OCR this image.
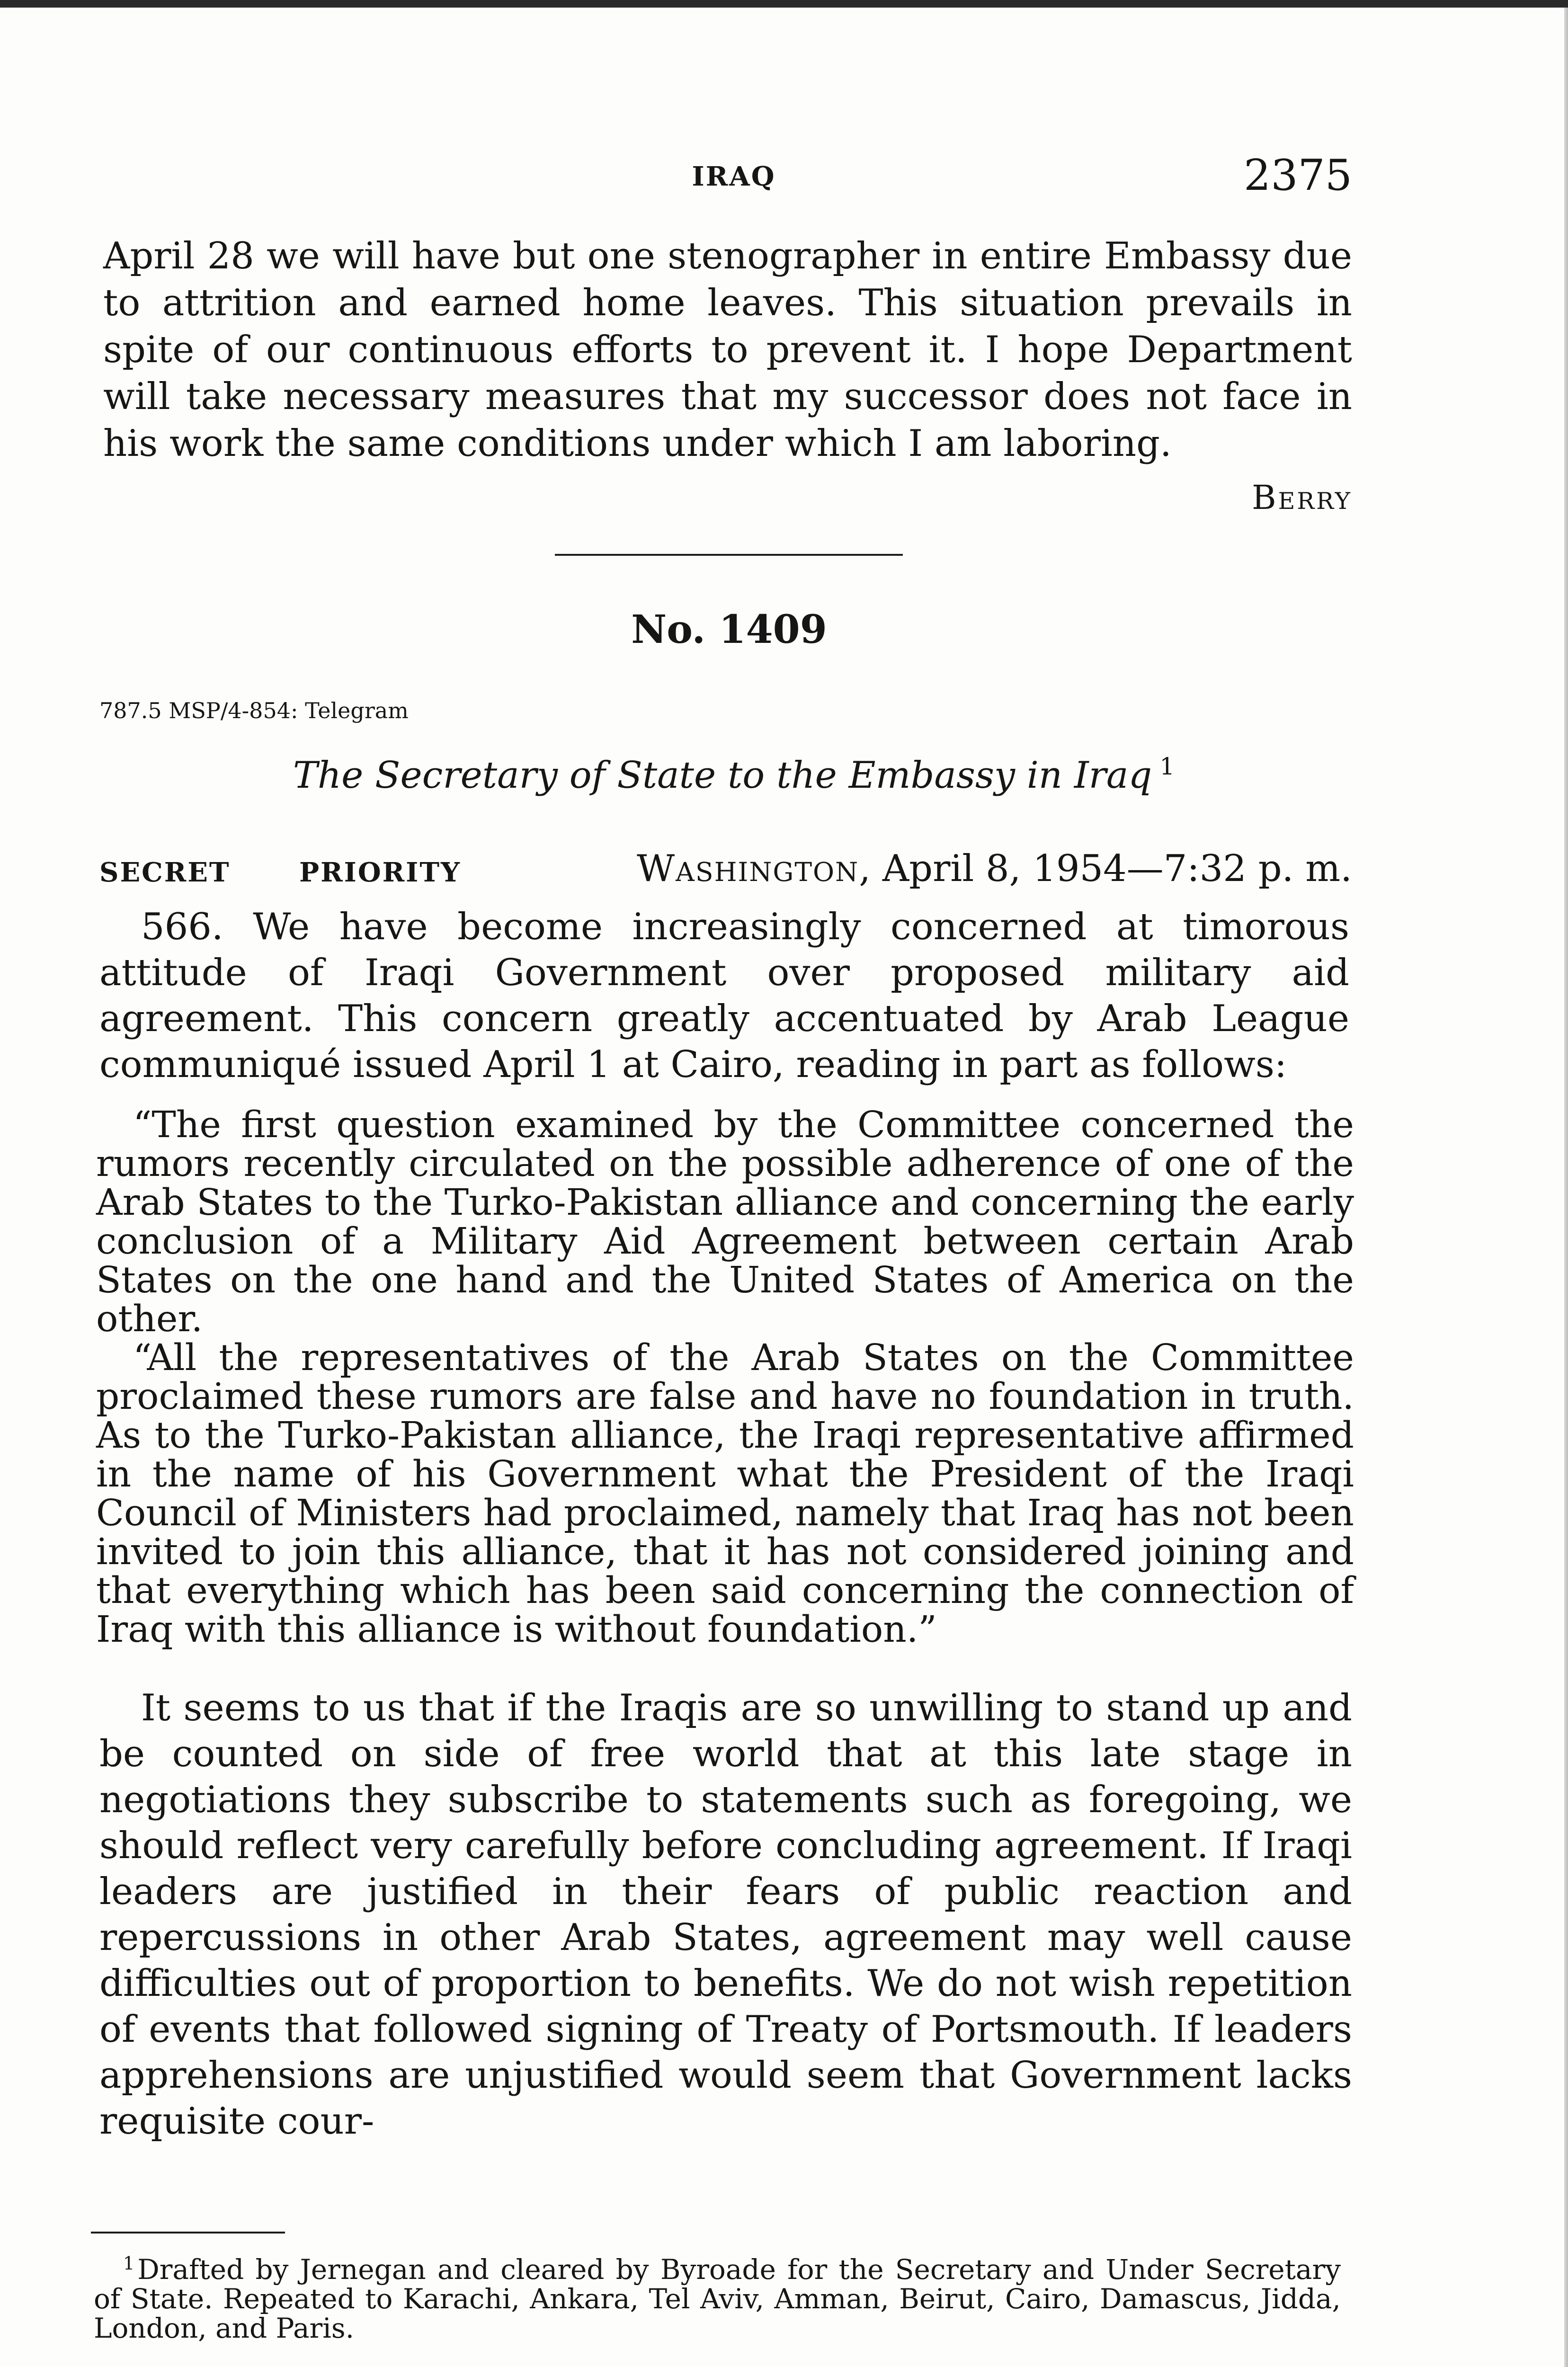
IRAQ	2375

April 28 we will have but one stenographer in entire Embassy due to attrition and earned home leaves. This situation prevails in spite of our continuous efforts to prevent it. I hope Department will take necessary measures that my successor does not face in his work the same conditions under which I am laboring.

Berry
No. 1409
787.5 MSP/4-854: Telegram
The Secretary of State to the Embassy in Iraq $^1$
SECRET	PRIORITY	Washington, April 8, 1954—7:32 p. m.

566. We have become increasingly concerned at timorous attitude of Iraqi Government over proposed military aid agreement. This concern greatly accentuated by Arab League communiqué issued April 1 at Cairo, reading in part as follows:

“The first question examined by the Committee concerned the rumors recently circulated on the possible adherence of one of the Arab States to the Turko-Pakistan alliance and concerning the early conclusion of a Military Aid Agreement between certain Arab States on the one hand and the United States of America on the other.

“All the representatives of the Arab States on the Committee proclaimed these rumors are false and have no foundation in truth. As to the Turko-Pakistan alliance, the Iraqi representative affirmed in the name of his Government what the President of the Iraqi Council of Ministers had proclaimed, namely that Iraq has not been invited to join this alliance, that it has not considered joining and that everything which has been said concerning the connection of Iraq with this alliance is without foundation.”

It seems to us that if the Iraqis are so unwilling to stand up and be counted on side of free world that at this late stage in negotiations they subscribe to statements such as foregoing, we should reflect very carefully before concluding agreement. If Iraqi leaders are justified in their fears of public reaction and repercussions in other Arab States, agreement may well cause difficulties out of proportion to benefits. We do not wish repetition of events that followed signing of Treaty of Portsmouth. If leaders apprehensions are unjustified would seem that Government lacks requisite cour-

$^1$ Drafted by Jernegan and cleared by Byroade for the Secretary and Under Secretary of State. Repeated to Karachi, Ankara, Tel Aviv, Amman, Beirut, Cairo, Damascus, Jidda, London, and Paris.
